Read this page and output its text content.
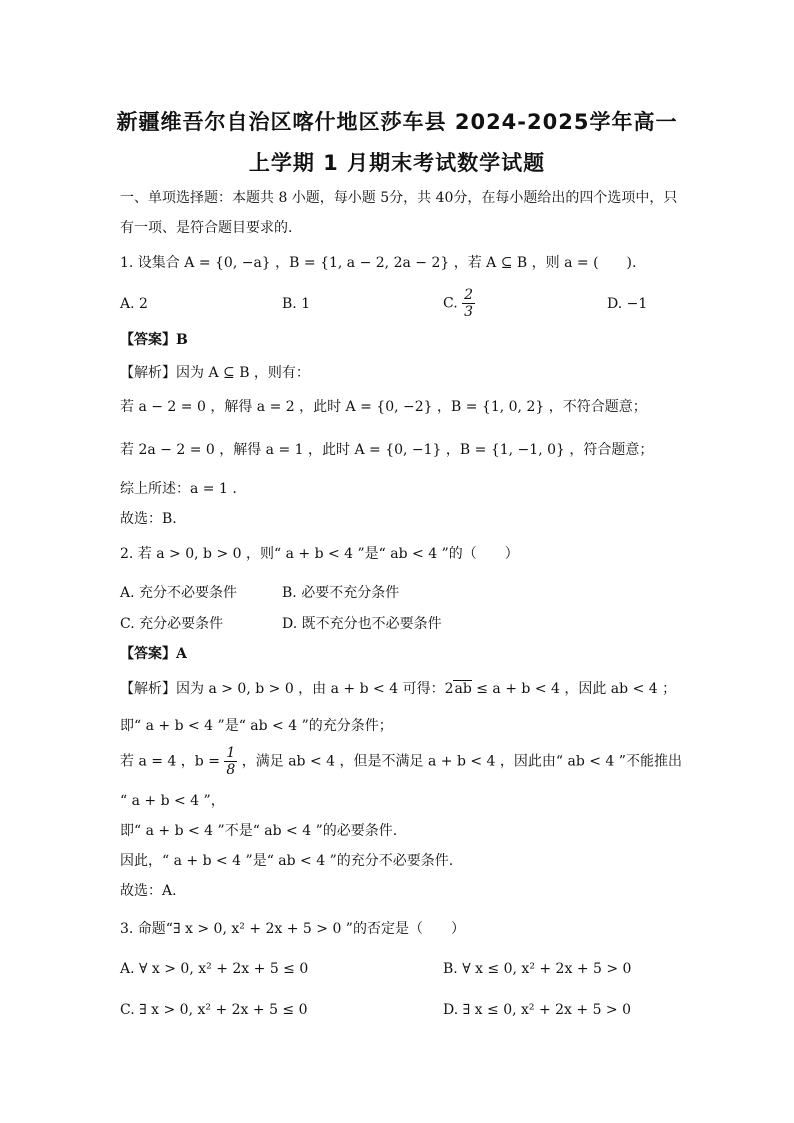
新疆维吾尔自治区喀什地区莎车县 2024-2025学年高一
上学期 1 月期末考试数学试题
一、单项选择题：本题共 8 小题，每小题 5分，共 40分，在每小题给出的四个选项中，只有一项、是符合题目要求的.
1. 设集合 A = {0, −a} ，B = {1, a − 2, 2a − 2} ，若 A ⊆ B ，则 a = (　　).
A. 2	B. 1	C. $\frac{2}{3}$	D. −1
【答案】B
【解析】因为 A ⊆ B ，则有：
若 a − 2 = 0 ，解得 a = 2 ，此时 A = {0, −2} ，B = {1, 0, 2} ，不符合题意；
若 2a − 2 = 0 ，解得 a = 1 ，此时 A = {0, −1} ，B = {1, −1, 0} ，符合题意；
综上所述：a = 1 .
故选：B.
2. 若 a > 0, b > 0 ，则“ a + b < 4 ”是“ ab < 4 ”的（　　）
A. 充分不必要条件	B. 必要不充分条件
C. 充分必要条件	D. 既不充分也不必要条件
【答案】A
【解析】因为 a > 0, b > 0 ，由 a + b < 4 可得：2ab ≤ a + b < 4 ，因此 ab < 4 ；
即“ a + b < 4 ”是“ ab < 4 ”的充分条件；
若 a = 4 ，$b = \frac{1}{8}$ ，满足 ab < 4 ，但是不满足 a + b < 4 ，因此由“ ab < 4 ”不能推出
“ a + b < 4 ”，
即“ a + b < 4 ”不是“ ab < 4 ”的必要条件.
因此，“ a + b < 4 ”是“ ab < 4 ”的充分不必要条件.
故选：A.
3. 命题“∃ x > 0, x² + 2x + 5 > 0 ”的否定是（　　）
A. ∀ x > 0, x² + 2x + 5 ≤ 0	B. ∀ x ≤ 0, x² + 2x + 5 > 0
C. ∃ x > 0, x² + 2x + 5 ≤ 0	D. ∃ x ≤ 0, x² + 2x + 5 > 0
